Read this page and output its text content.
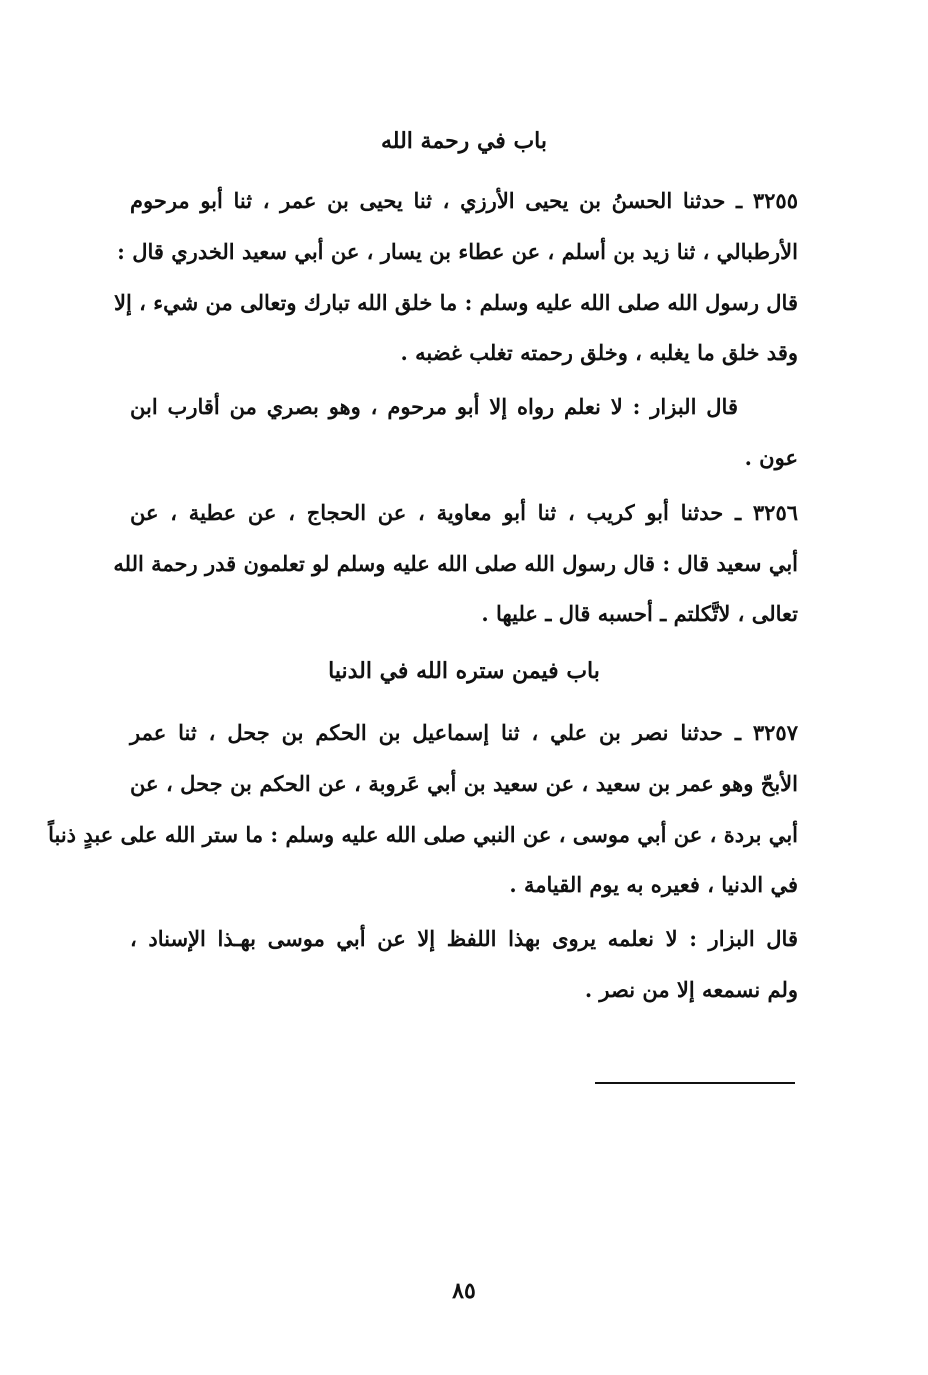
باب في رحمة الله
٣٢٥٥ ـ حدثنا الحسنُ بن يحيى الأرزي ، ثنا يحيى بن عمر ، ثنا أبو مرحوم
الأرطبالي ، ثنا زيد بن أسلم ، عن عطاء بن يسار ، عن أبي سعيد الخدري قال :
قال رسول الله صلى الله عليه وسلم : ما خلق الله تبارك وتعالى من شيء ، إلا
وقد خلق ما يغلبه ، وخلق رحمته تغلب غضبه .
قال البزار : لا نعلم رواه إلا أبو مرحوم ، وهو بصري من أقارب ابن
عون .
٣٢٥٦ ـ حدثنا أبو كريب ، ثنا أبو معاوية ، عن الحجاج ، عن عطية ، عن
أبي سعيد قال : قال رسول الله صلى الله عليه وسلم لو تعلمون قدر رحمة الله
تعالى ، لاتَّكلتم ـ أحسبه قال ـ عليها .
باب فيمن ستره الله في الدنيا
٣٢٥٧ ـ حدثنا نصر بن علي ، ثنا إسماعيل بن الحكم بن جحل ، ثنا عمر
الأبحّ وهو عمر بن سعيد ، عن سعيد بن أبي عَروبة ، عن الحكم بن جحل ، عن
أبي بردة ، عن أبي موسى ، عن النبي صلى الله عليه وسلم : ما ستر الله على عبدٍ ذنباً
في الدنيا ، فعيره به يوم القيامة .
قال البزار : لا نعلمه يروى بهذا اللفظ إلا عن أبي موسى بهـذا الإسناد ،
ولم نسمعه إلا من نصر .
٨٥
